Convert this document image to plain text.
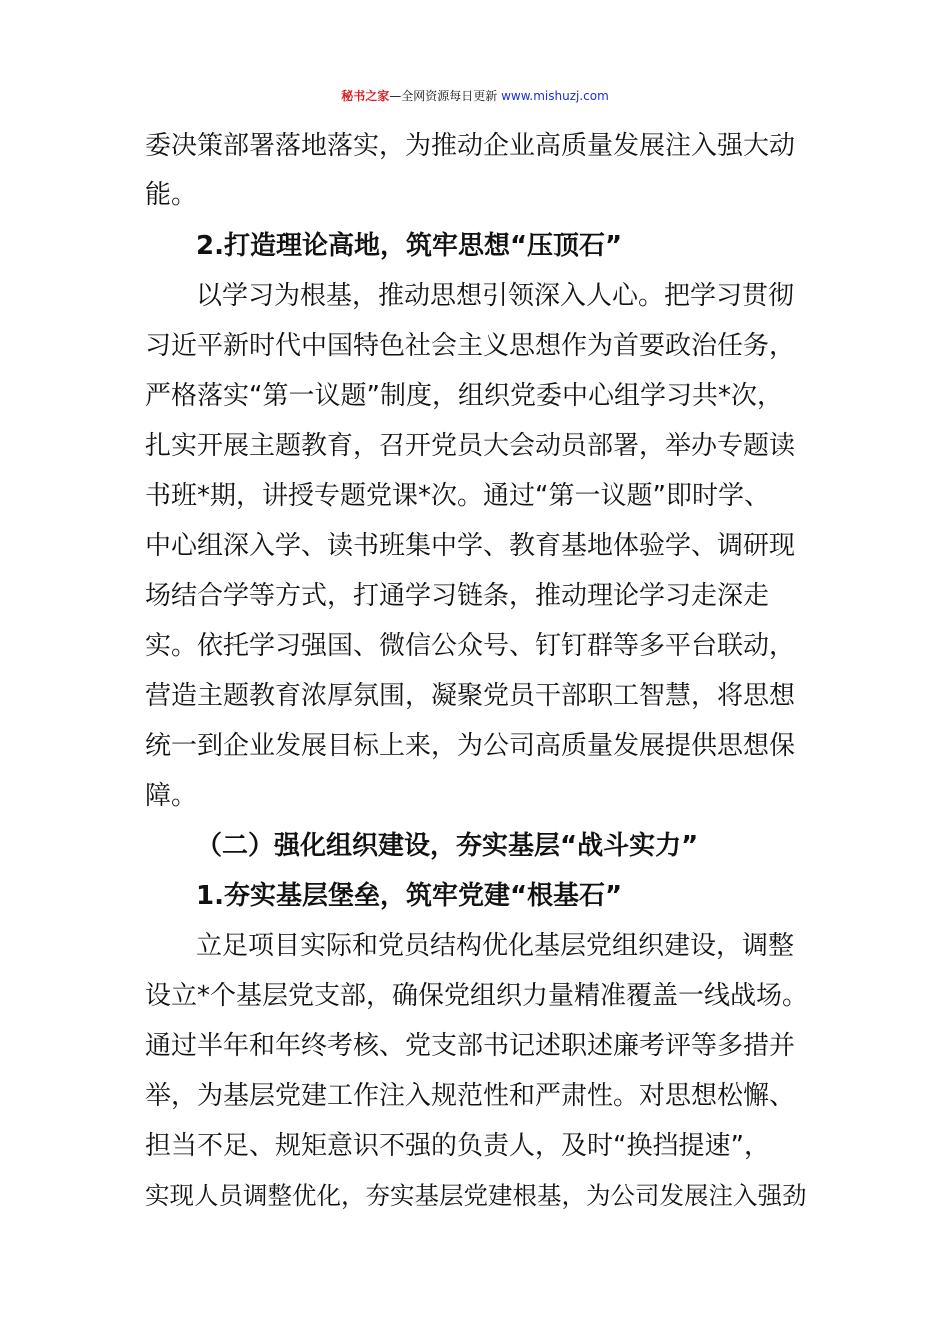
秘书之家—全网资源每日更新 www.mishuzj.com
委决策部署落地落实，为推动企业高质量发展注入强大动
能。
2.打造理论高地，筑牢思想“压顶石”
以学习为根基，推动思想引领深入人心。把学习贯彻
习近平新时代中国特色社会主义思想作为首要政治任务，
严格落实“第一议题”制度，组织党委中心组学习共*次，
扎实开展主题教育，召开党员大会动员部署，举办专题读
书班*期，讲授专题党课*次。通过“第一议题”即时学、
中心组深入学、读书班集中学、教育基地体验学、调研现
场结合学等方式，打通学习链条，推动理论学习走深走
实。依托学习强国、微信公众号、钉钉群等多平台联动，
营造主题教育浓厚氛围，凝聚党员干部职工智慧，将思想
统一到企业发展目标上来，为公司高质量发展提供思想保
障。
（二）强化组织建设，夯实基层“战斗实力”
1.夯实基层堡垒，筑牢党建“根基石”
立足项目实际和党员结构优化基层党组织建设，调整
设立*个基层党支部，确保党组织力量精准覆盖一线战场。
通过半年和年终考核、党支部书记述职述廉考评等多措并
举，为基层党建工作注入规范性和严肃性。对思想松懈、
担当不足、规矩意识不强的负责人，及时“换挡提速”，
实现人员调整优化，夯实基层党建根基，为公司发展注入强劲
